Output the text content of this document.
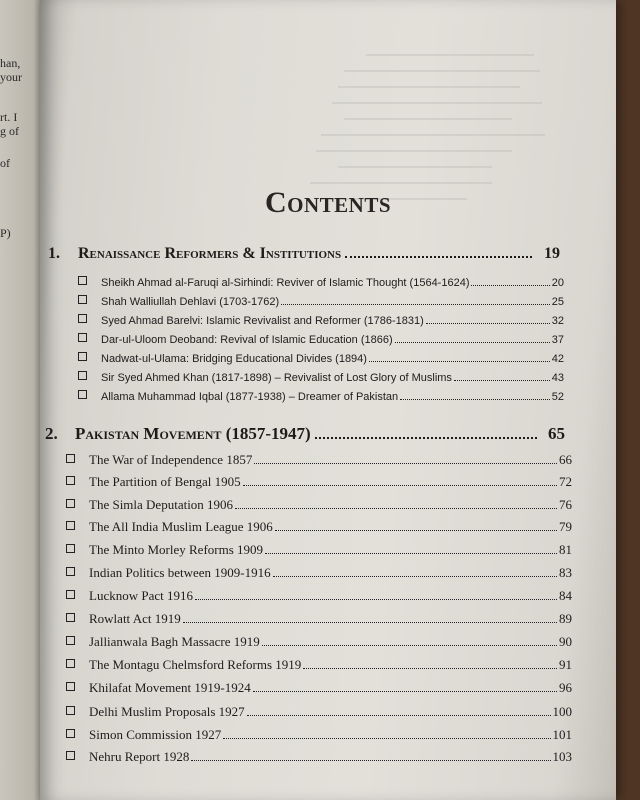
han,
your
rt. I
g of
of
P)
Contents
1.	Renaissance Reformers & Institutions	19
Sheikh Ahmad al-Faruqi al-Sirhindi: Reviver of Islamic Thought (1564-1624)	20
Shah Walliullah Dehlavi (1703-1762)	25
Syed Ahmad Barelvi: Islamic Revivalist and Reformer (1786-1831)	32
Dar-ul-Uloom Deoband: Revival of Islamic Education (1866)	37
Nadwat-ul-Ulama: Bridging Educational Divides (1894)	42
Sir Syed Ahmed Khan (1817-1898) – Revivalist of Lost Glory of Muslims	43
Allama Muhammad Iqbal (1877-1938) – Dreamer of Pakistan	52
2.	Pakistan Movement (1857-1947)	65
The War of Independence 1857	66
The Partition of Bengal 1905	72
The Simla Deputation 1906	76
The All India Muslim League 1906	79
The Minto Morley Reforms 1909	81
Indian Politics between 1909-1916	83
Lucknow Pact 1916	84
Rowlatt Act 1919	89
Jallianwala Bagh Massacre 1919	90
The Montagu Chelmsford Reforms 1919	91
Khilafat Movement 1919-1924	96
Delhi Muslim Proposals 1927	100
Simon Commission 1927	101
Nehru Report 1928	103
